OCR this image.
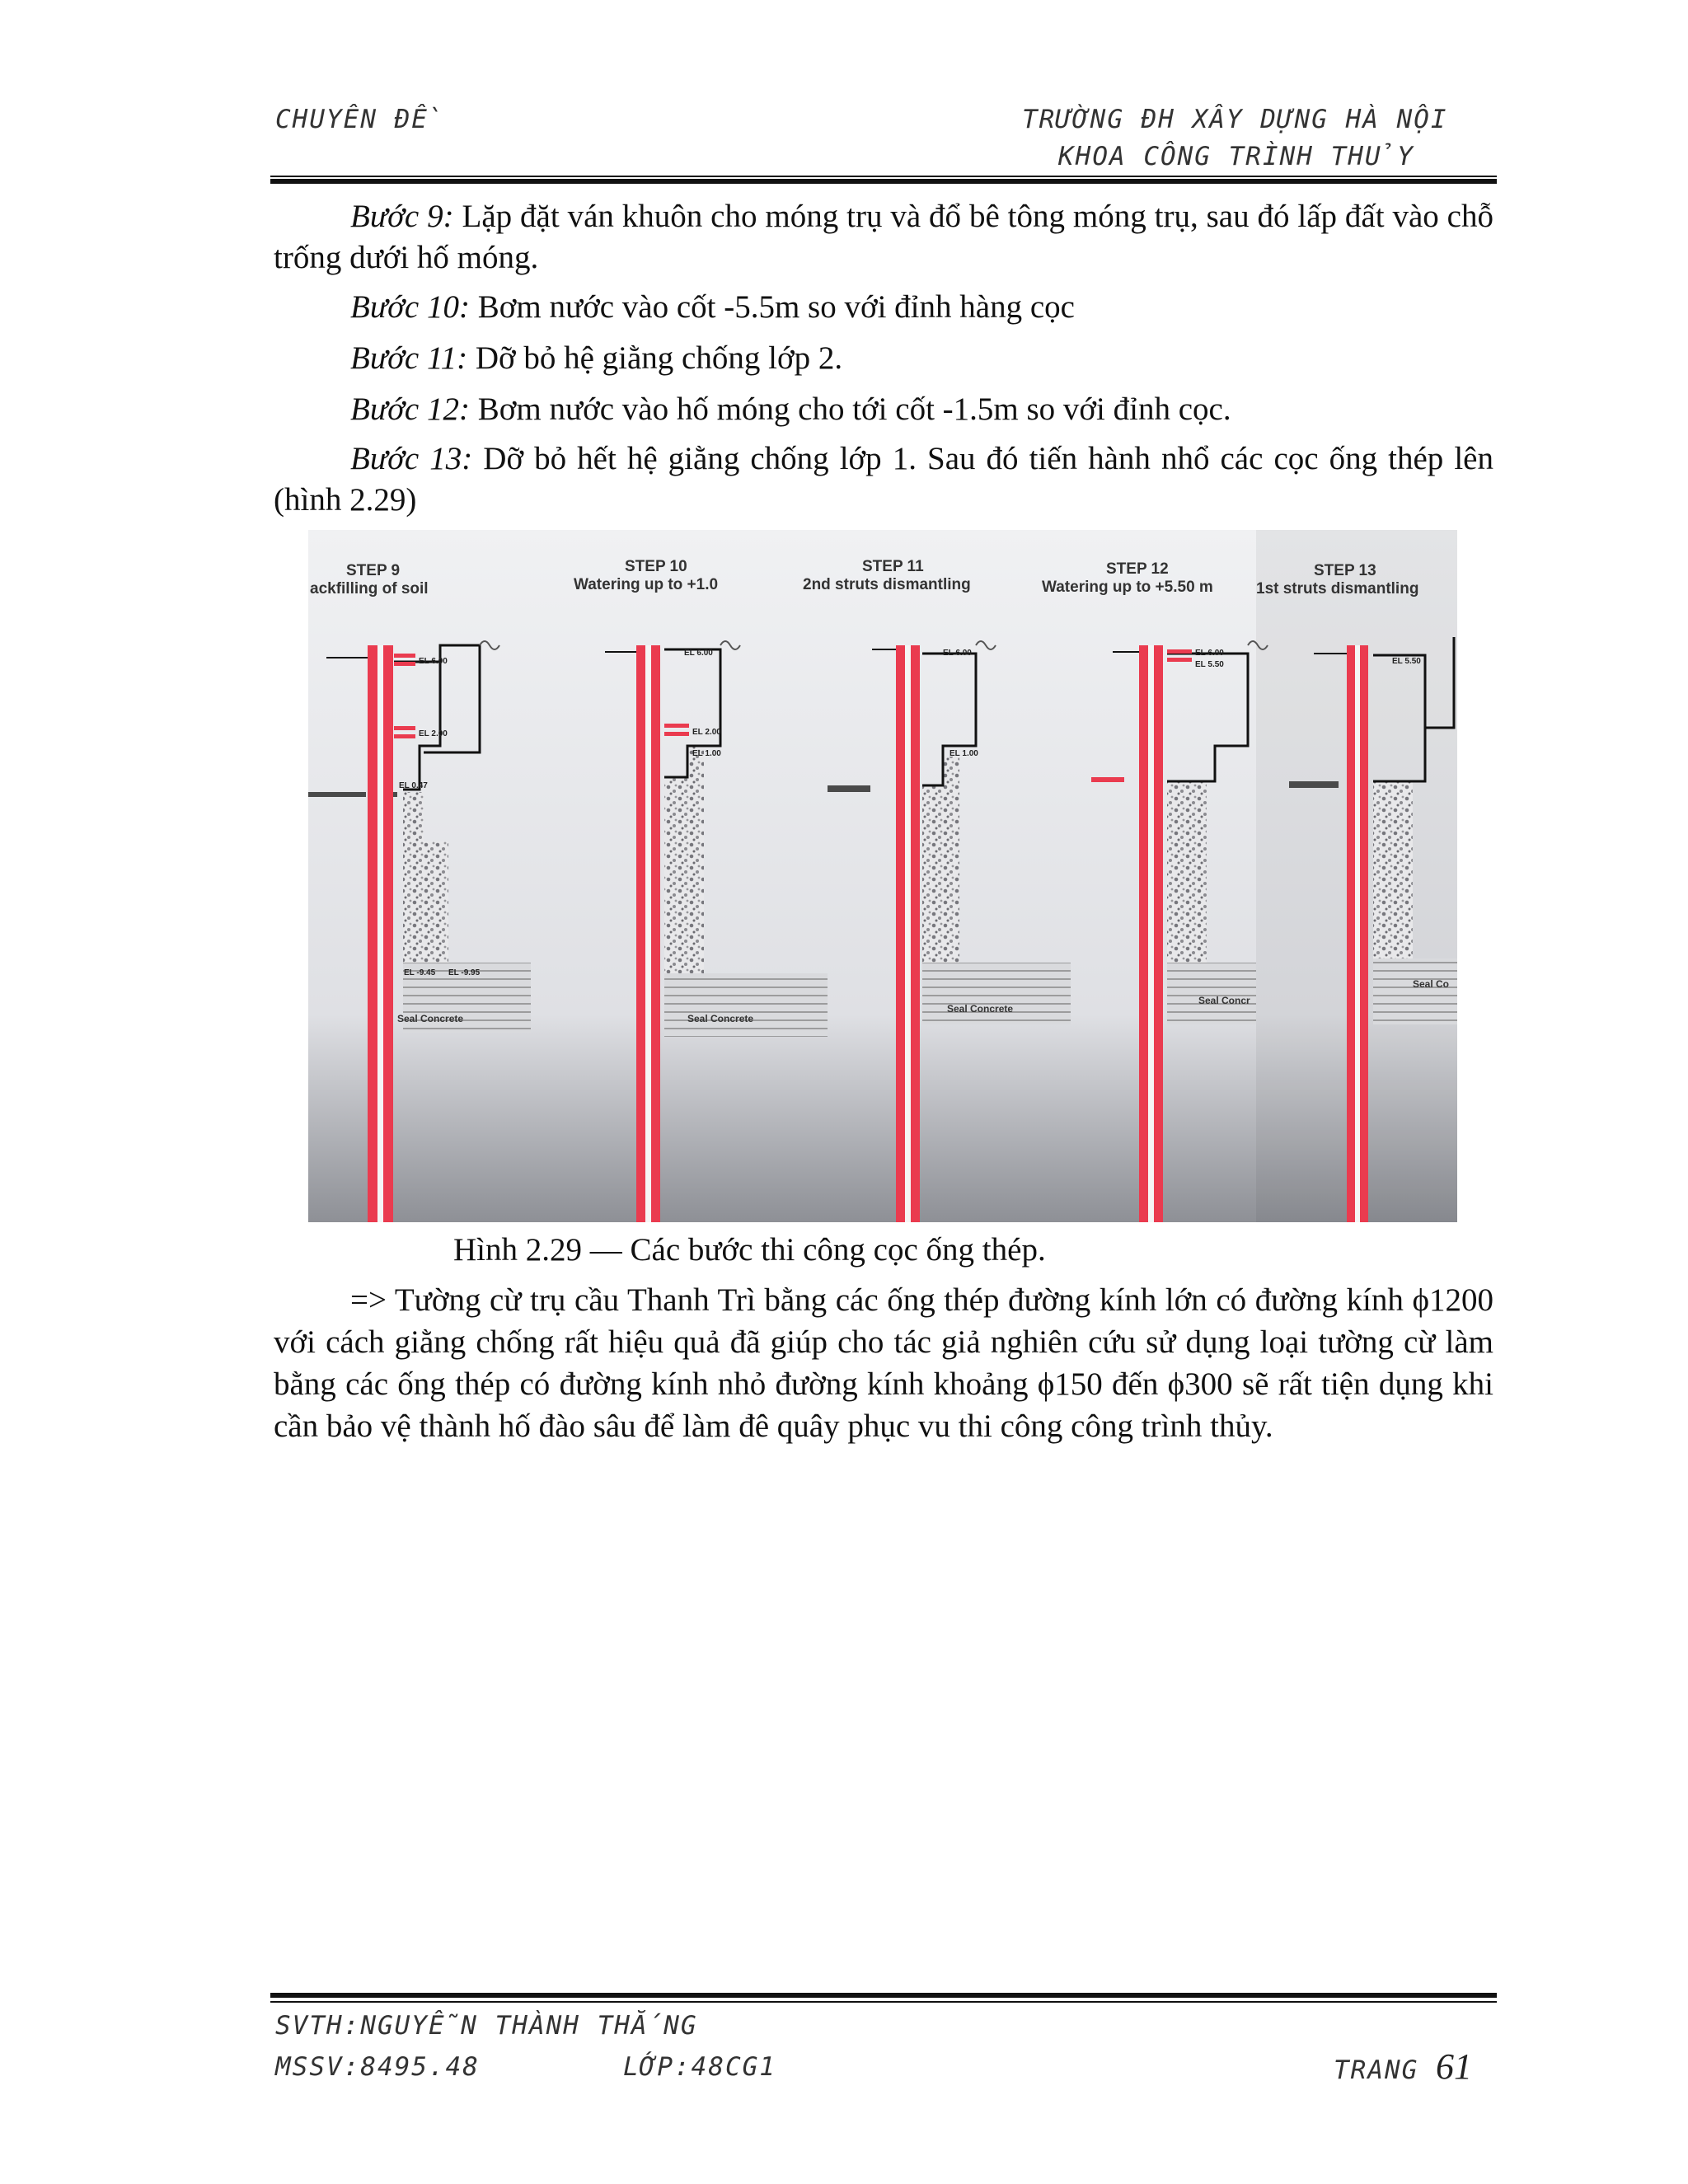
CHUYÊN ĐỀ	TRƯỜNG ĐH XÂY DỰNG HÀ NỘI
KHOA CÔNG TRÌNH THỦY
Bước 9: Lặp đặt ván khuôn cho móng trụ và đổ bê tông móng trụ, sau đó lấp đất vào chỗ trống dưới hố móng.
Bước 10: Bơm nước vào cốt -5.5m so với đỉnh hàng cọc
Bước 11: Dỡ bỏ hệ giằng chống lớp 2.
Bước 12: Bơm nước vào hố móng cho tới cốt -1.5m so với đỉnh cọc.
Bước 13: Dỡ bỏ hết hệ giằng chống lớp 1. Sau đó tiến hành nhổ các cọc ống thép lên (hình 2.29)
STEP 9
ackfilling of soil
Seal Concrete
EL 6.00
EL 2.00
EL 0.47
EL -9.45 EL -9.95
STEP 10
Watering up to +1.0
Seal Concrete
EL 6.00
EL 2.00
EL 1.00
STEP 11
2nd struts dismantling
Seal Concrete
EL 6.00
EL 1.00
STEP 12
Watering up to +5.50 m
Seal Concr
EL 6.00
EL 5.50
STEP 13
1st struts dismantling
Seal Co
EL 5.50
Hình 2.29 — Các bước thi công cọc ống thép.
=> Tường cừ trụ cầu Thanh Trì bằng các ống thép đường kính lớn có đường kính ϕ1200 với cách giằng chống rất hiệu quả đã giúp cho tác giả nghiên cứu sử dụng loại tường cừ làm bằng các ống thép có đường kính nhỏ đường kính khoảng ϕ150 đến ϕ300 sẽ rất tiện dụng khi cần bảo vệ thành hố đào sâu để làm đê quây phục vu thi công công trình thủy.
SVTH:NGUYỄN THÀNH THẮNG
MSSV:8495.48	LỚP:48CG1	TRANG 61
